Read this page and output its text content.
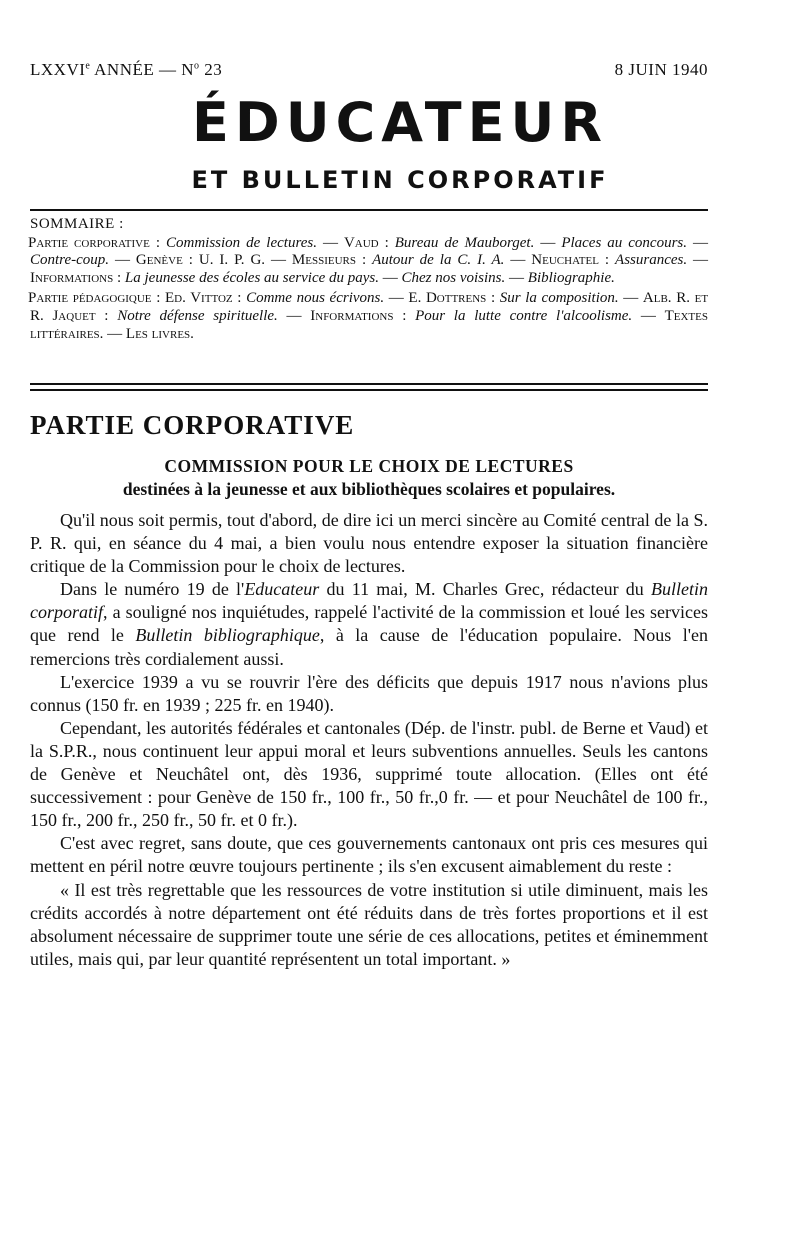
LXXVIe ANNÉE — $N^o$ 23	8 JUIN 1940
ÉDUCATEUR
ET BULLETIN CORPORATIF

SOMMAIRE :

Partie corporative : Commission de lectures. — Vaud : Bureau de Mauborget. — Places au concours. — Contre-coup. — Genève : U. I. P. G. — Messieurs : Autour de la C. I. A. — Neuchatel : Assurances. — Informations : La jeunesse des écoles au service du pays. — Chez nos voisins. — Bibliographie.

Partie pédagogique : Ed. Vittoz : Comme nous écrivons. — E. Dottrens : Sur la composition. — Alb. R. et R. Jaquet : Notre défense spirituelle. — Informations : Pour la lutte contre l'alcoolisme. — Textes littéraires. — Les livres.

PARTIE CORPORATIVE
COMMISSION POUR LE CHOIX DE LECTURES
destinées à la jeunesse et aux bibliothèques scolaires et populaires.

Qu'il nous soit permis, tout d'abord, de dire ici un merci sincère au Comité central de la S. P. R. qui, en séance du 4 mai, a bien voulu nous entendre exposer la situation financière critique de la Commission pour le choix de lectures.

Dans le numéro 19 de l'Educateur du 11 mai, M. Charles Grec, rédacteur du Bulletin corporatif, a souligné nos inquiétudes, rappelé l'activité de la commission et loué les services que rend le Bulletin bibliographique, à la cause de l'éducation populaire. Nous l'en remercions très cordialement aussi.

L'exercice 1939 a vu se rouvrir l'ère des déficits que depuis 1917 nous n'avions plus connus (150 fr. en 1939 ; 225 fr. en 1940).

Cependant, les autorités fédérales et cantonales (Dép. de l'instr. publ. de Berne et Vaud) et la S.P.R., nous continuent leur appui moral et leurs subventions annuelles. Seuls les cantons de Genève et Neuchâtel ont, dès 1936, supprimé toute allocation. (Elles ont été successivement : pour Genève de 150 fr., 100 fr., 50 fr.,0 fr. — et pour Neuchâtel de 100 fr., 150 fr., 200 fr., 250 fr., 50 fr. et 0 fr.).

C'est avec regret, sans doute, que ces gouvernements cantonaux ont pris ces mesures qui mettent en péril notre œuvre toujours pertinente ; ils s'en excusent aimablement du reste :

« Il est très regrettable que les ressources de votre institution si utile diminuent, mais les crédits accordés à notre département ont été réduits dans de très fortes proportions et il est absolument nécessaire de supprimer toute une série de ces allocations, petites et éminemment utiles, mais qui, par leur quantité représentent un total important. »
